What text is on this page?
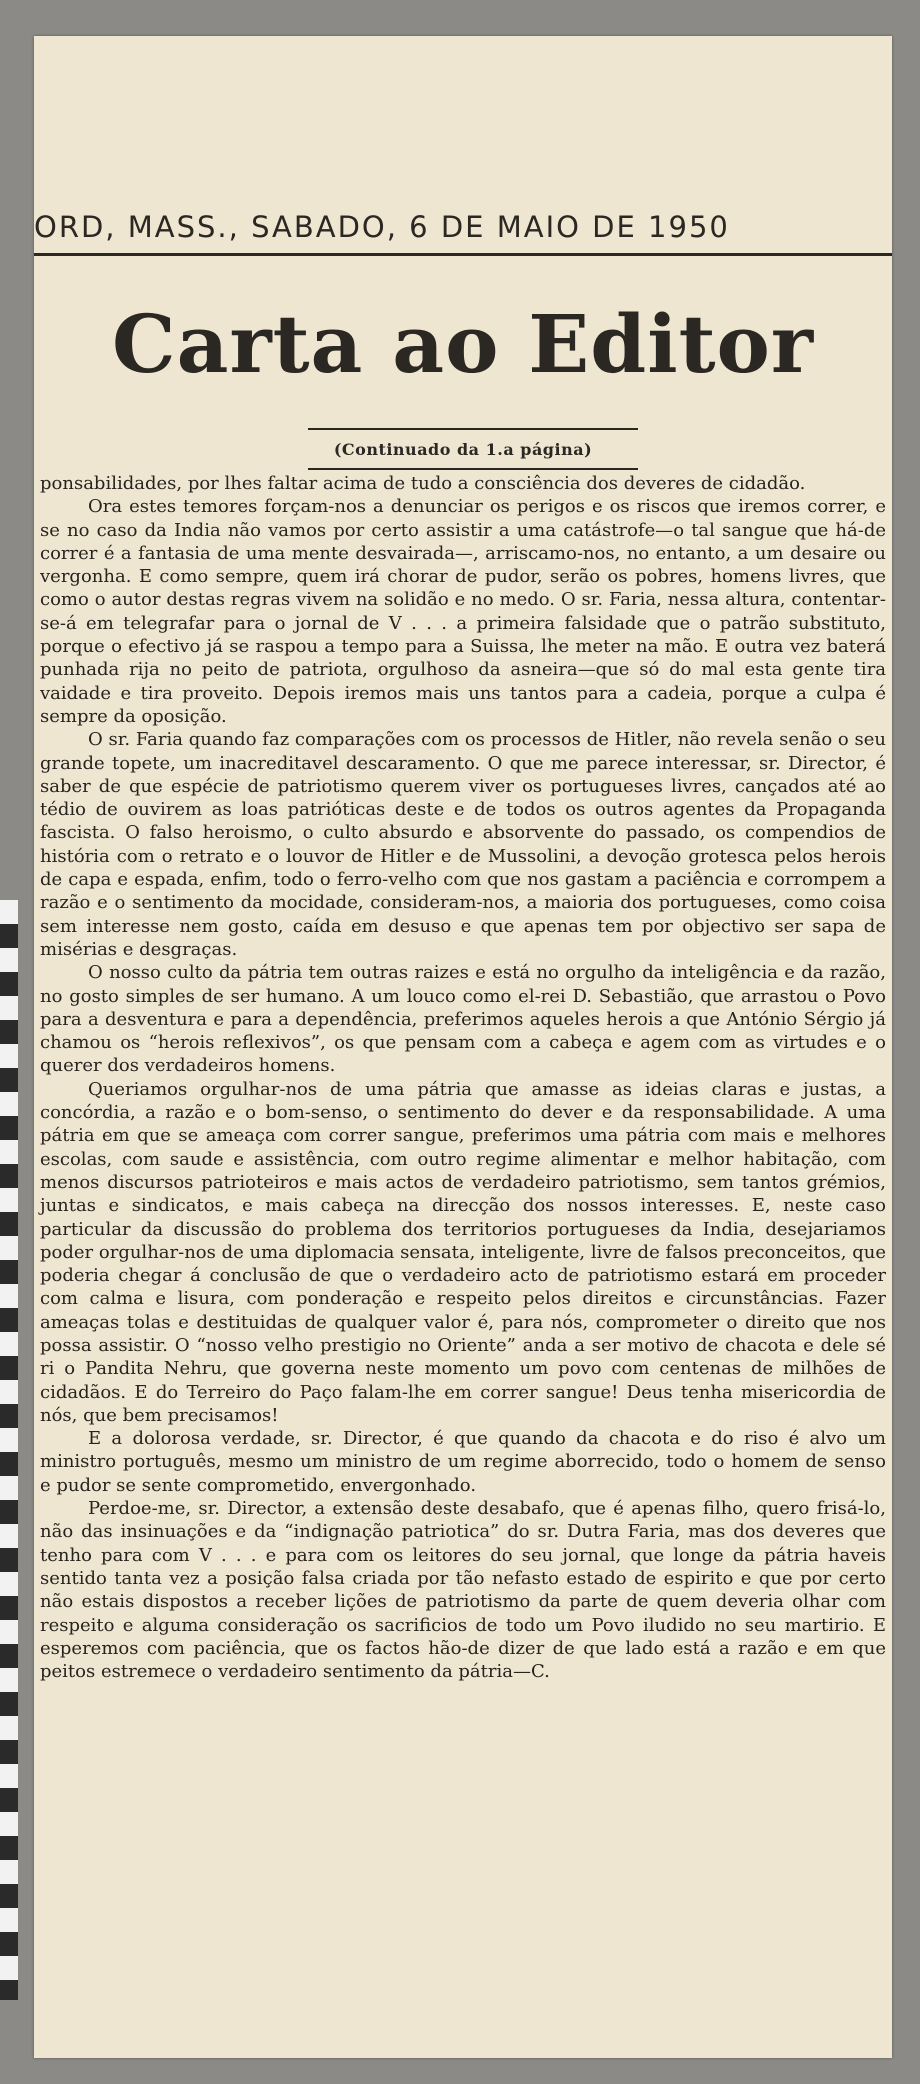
ORD, MASS., SABADO, 6 DE MAIO DE 1950
Carta ao Editor
(Continuado da 1.a página)

ponsabilidades, por lhes faltar acima de tudo a consciência dos deveres de cidadão.

Ora estes temores forçam-nos a denunciar os perigos e os riscos que iremos correr, e se no caso da India não vamos por certo assistir a uma catástrofe—o tal sangue que há-de correr é a fantasia de uma mente desvairada—, arriscamo-nos, no entanto, a um desaire ou vergonha. E como sempre, quem irá chorar de pudor, serão os pobres, homens livres, que como o autor destas regras vivem na solidão e no medo. O sr. Faria, nessa altura, contentar-se-á em telegrafar para o jornal de V . . . a primeira falsidade que o patrão substituto, porque o efectivo já se raspou a tempo para a Suissa, lhe meter na mão. E outra vez baterá punhada rija no peito de patriota, orgulhoso da asneira—que só do mal esta gente tira vaidade e tira proveito. Depois iremos mais uns tantos para a cadeia, porque a culpa é sempre da oposição.

O sr. Faria quando faz comparações com os processos de Hitler, não revela senão o seu grande topete, um inacreditavel descaramento. O que me parece interessar, sr. Director, é saber de que espécie de patriotismo querem viver os portugueses livres, cançados até ao tédio de ouvirem as loas patrióticas deste e de todos os outros agentes da Propaganda fascista. O falso heroismo, o culto absurdo e absorvente do passado, os compendios de história com o retrato e o louvor de Hitler e de Mussolini, a devoção grotesca pelos herois de capa e espada, enfim, todo o ferro-velho com que nos gastam a paciência e corrompem a razão e o sentimento da mocidade, consideram-nos, a maioria dos portugueses, como coisa sem interesse nem gosto, caída em desuso e que apenas tem por objectivo ser sapa de misérias e desgraças.

O nosso culto da pátria tem outras raizes e está no orgulho da inteligência e da razão, no gosto simples de ser humano. A um louco como el-rei D. Sebastião, que arrastou o Povo para a desventura e para a dependência, preferimos aqueles herois a que António Sérgio já chamou os “herois reflexivos”, os que pensam com a cabeça e agem com as virtudes e o querer dos verdadeiros homens.

Queriamos orgulhar-nos de uma pátria que amasse as ideias claras e justas, a concórdia, a razão e o bom-senso, o sentimento do dever e da responsabilidade. A uma pátria em que se ameaça com correr sangue, preferimos uma pátria com mais e melhores escolas, com saude e assistência, com outro regime alimentar e melhor habitação, com menos discursos patrioteiros e mais actos de verdadeiro patriotismo, sem tantos grémios, juntas e sindicatos, e mais cabeça na direcção dos nossos interesses. E, neste caso particular da discussão do problema dos territorios portugueses da India, desejariamos poder orgulhar-nos de uma diplomacia sensata, inteligente, livre de falsos preconceitos, que poderia chegar á conclusão de que o verdadeiro acto de patriotismo estará em proceder com calma e lisura, com ponderação e respeito pelos direitos e circunstâncias. Fazer ameaças tolas e destituidas de qualquer valor é, para nós, comprometer o direito que nos possa assistir. O “nosso velho prestigio no Oriente” anda a ser motivo de chacota e dele sé ri o Pandita Nehru, que governa neste momento um povo com centenas de milhões de cidadãos. E do Terreiro do Paço falam-lhe em correr sangue! Deus tenha misericordia de nós, que bem precisamos!

E a dolorosa verdade, sr. Director, é que quando da chacota e do riso é alvo um ministro português, mesmo um ministro de um regime aborrecido, todo o homem de senso e pudor se sente comprometido, envergonhado.

Perdoe-me, sr. Director, a extensão deste desabafo, que é apenas filho, quero frisá-lo, não das insinuações e da “indignação patriotica” do sr. Dutra Faria, mas dos deveres que tenho para com V . . . e para com os leitores do seu jornal, que longe da pátria haveis sentido tanta vez a posição falsa criada por tão nefasto estado de espirito e que por certo não estais dispostos a receber lições de patriotismo da parte de quem deveria olhar com respeito e alguma consideração os sacrificios de todo um Povo iludido no seu martirio. E esperemos com paciência, que os factos hão-de dizer de que lado está a razão e em que peitos estremece o verdadeiro sentimento da pátria—C.
